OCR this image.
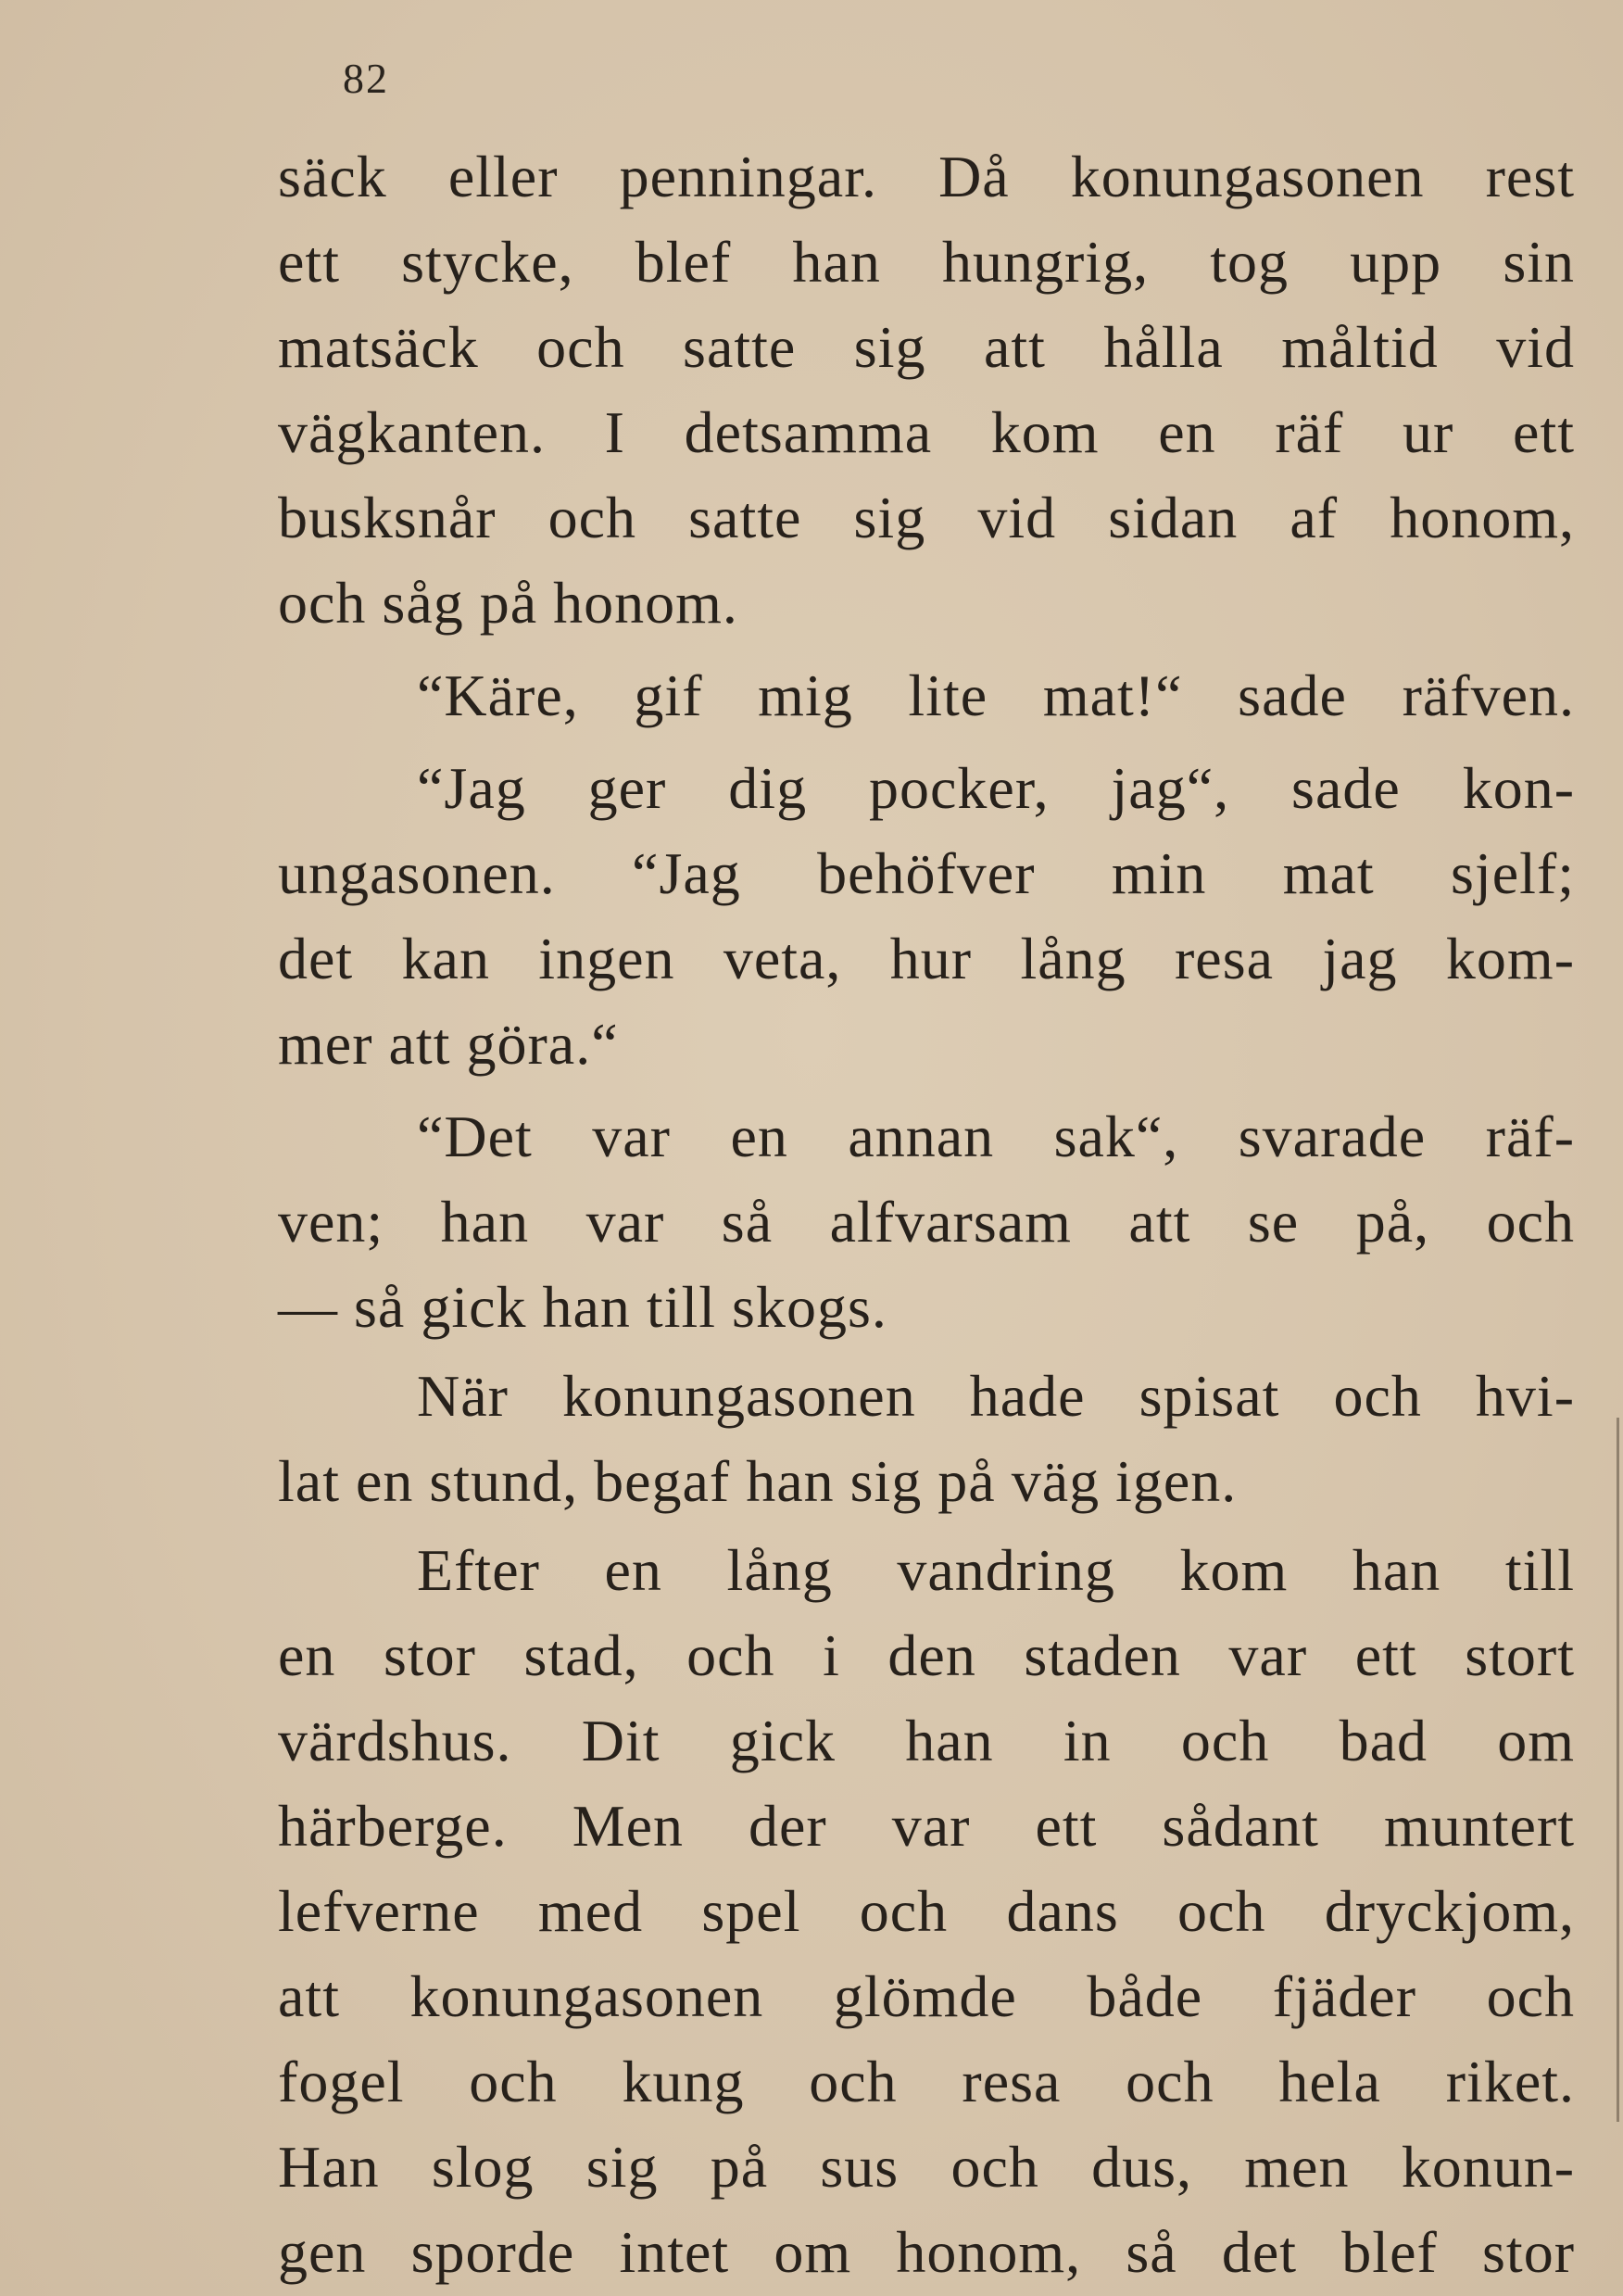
82
säck eller penningar. Då konungasonen rest
ett stycke, blef han hungrig, tog upp sin
matsäck och satte sig att hålla måltid vid
vägkanten. I detsamma kom en räf ur ett
busksnår och satte sig vid sidan af honom,
och såg på honom.
“Käre, gif mig lite mat!“ sade räfven.
“Jag ger dig pocker, jag“, sade kon-
ungasonen. “Jag behöfver min mat sjelf;
det kan ingen veta, hur lång resa jag kom-
mer att göra.“
“Det var en annan sak“, svarade räf-
ven; han var så alfvarsam att se på, och
— så gick han till skogs.
När konungasonen hade spisat och hvi-
lat en stund, begaf han sig på väg igen.
Efter en lång vandring kom han till
en stor stad, och i den staden var ett stort
värdshus. Dit gick han in och bad om
härberge. Men der var ett sådant muntert
lefverne med spel och dans och dryckjom,
att konungasonen glömde både fjäder och
fogel och kung och resa och hela riket.
Han slog sig på sus och dus, men konun-
gen sporde intet om honom, så det blef stor
